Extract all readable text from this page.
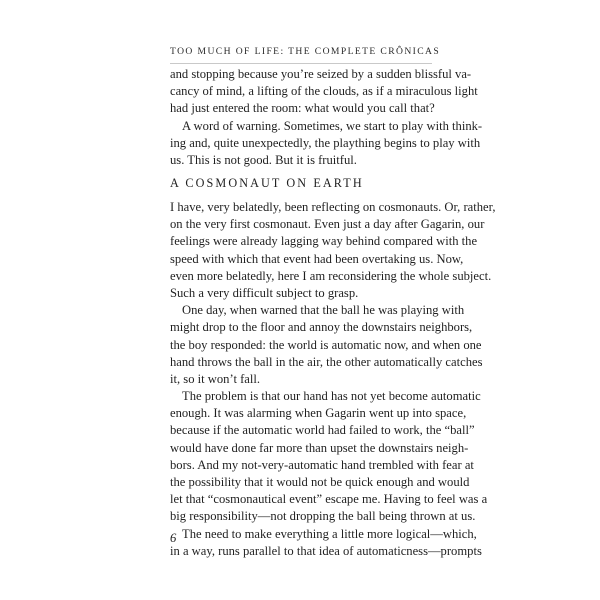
TOO MUCH OF LIFE: THE COMPLETE CRÔNICAS
and stopping because you’re seized by a sudden blissful va-
cancy of mind, a lifting of the clouds, as if a miraculous light
had just entered the room: what would you call that?
A word of warning. Sometimes, we start to play with think-
ing and, quite unexpectedly, the plaything begins to play with
us. This is not good. But it is fruitful.
A COSMONAUT ON EARTH
I have, very belatedly, been reflecting on cosmonauts. Or, rather,
on the very first cosmonaut. Even just a day after Gagarin, our
feelings were already lagging way behind compared with the
speed with which that event had been overtaking us. Now,
even more belatedly, here I am reconsidering the whole subject.
Such a very difficult subject to grasp.
One day, when warned that the ball he was playing with
might drop to the floor and annoy the downstairs neighbors,
the boy responded: the world is automatic now, and when one
hand throws the ball in the air, the other automatically catches
it, so it won’t fall.
The problem is that our hand has not yet become automatic
enough. It was alarming when Gagarin went up into space,
because if the automatic world had failed to work, the “ball”
would have done far more than upset the downstairs neigh-
bors. And my not-very-automatic hand trembled with fear at
the possibility that it would not be quick enough and would
let that “cosmonautical event” escape me. Having to feel was a
big responsibility—not dropping the ball being thrown at us.
The need to make everything a little more logical—which,
in a way, runs parallel to that idea of automaticness—prompts
6
